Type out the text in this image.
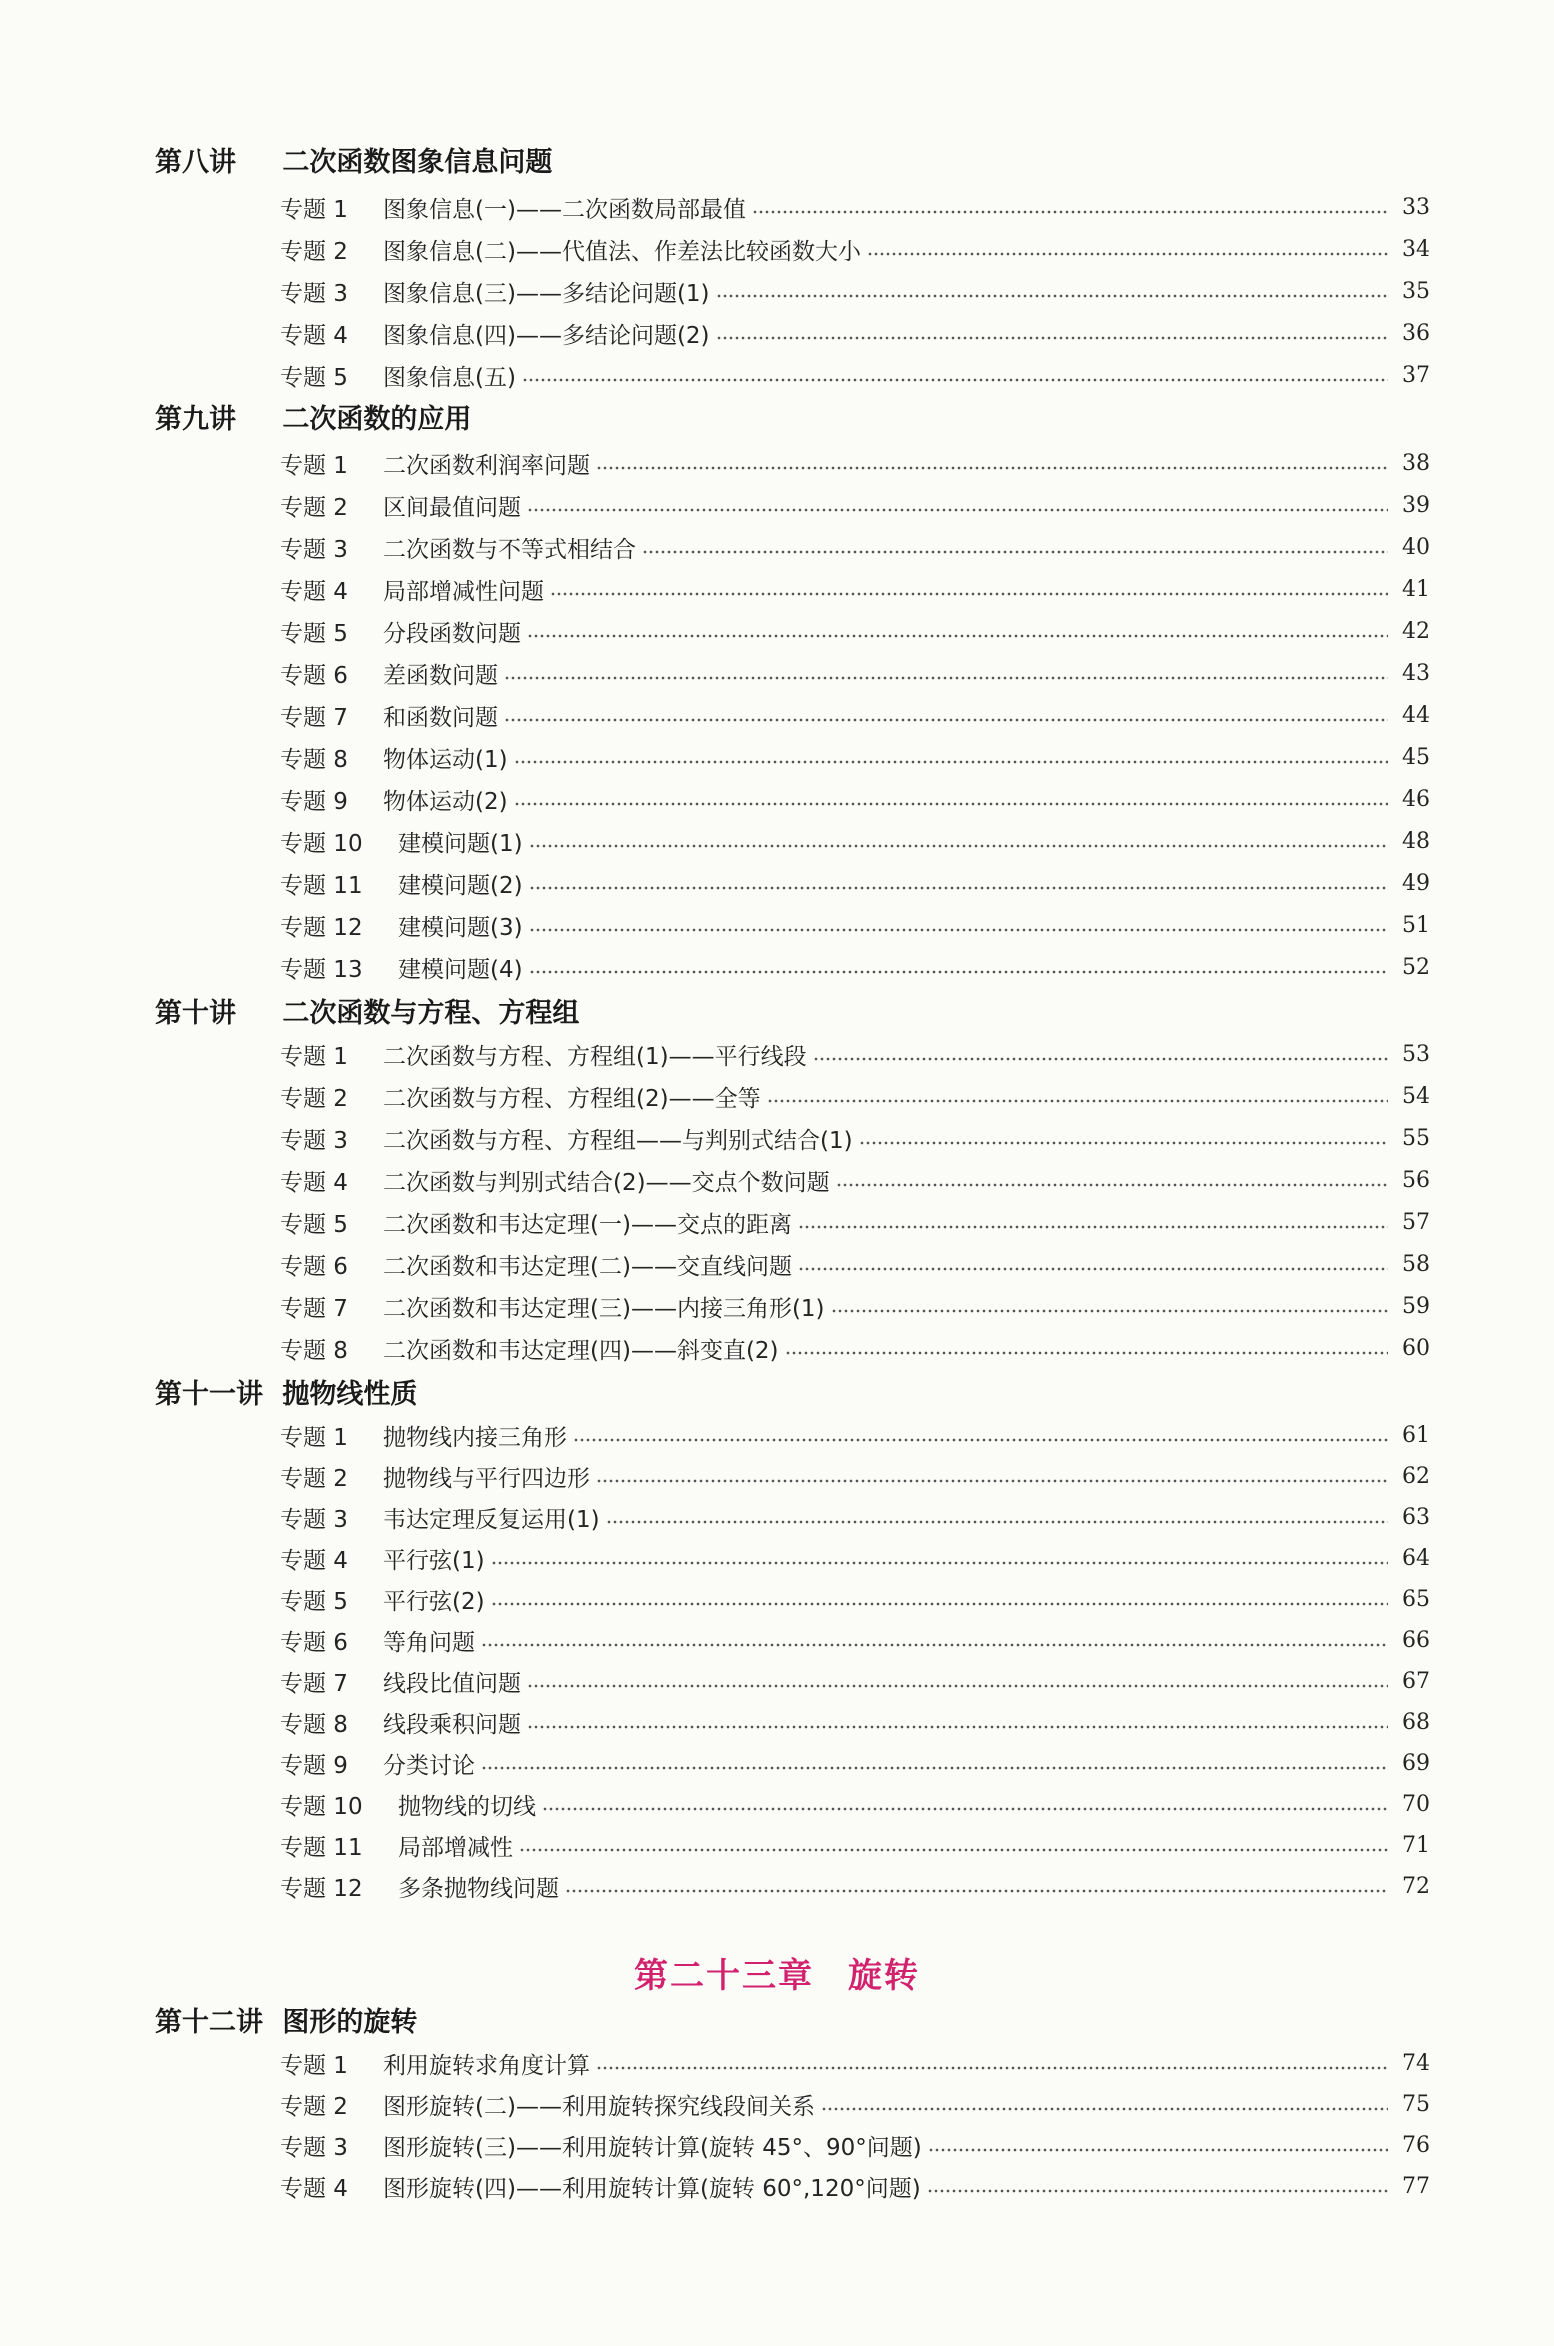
第八讲 二次函数图象信息问题
专题 1	图象信息(一)——二次函数局部最值	33
专题 2	图象信息(二)——代值法、作差法比较函数大小	34
专题 3	图象信息(三)——多结论问题(1)	35
专题 4	图象信息(四)——多结论问题(2)	36
专题 5	图象信息(五)	37
第九讲 二次函数的应用
专题 1	二次函数利润率问题	38
专题 2	区间最值问题	39
专题 3	二次函数与不等式相结合	40
专题 4	局部增减性问题	41
专题 5	分段函数问题	42
专题 6	差函数问题	43
专题 7	和函数问题	44
专题 8	物体运动(1)	45
专题 9	物体运动(2)	46
专题 10	建模问题(1)	48
专题 11	建模问题(2)	49
专题 12	建模问题(3)	51
专题 13	建模问题(4)	52
第十讲 二次函数与方程、方程组
专题 1	二次函数与方程、方程组(1)——平行线段	53
专题 2	二次函数与方程、方程组(2)——全等	54
专题 3	二次函数与方程、方程组——与判别式结合(1)	55
专题 4	二次函数与判别式结合(2)——交点个数问题	56
专题 5	二次函数和韦达定理(一)——交点的距离	57
专题 6	二次函数和韦达定理(二)——交直线问题	58
专题 7	二次函数和韦达定理(三)——内接三角形(1)	59
专题 8	二次函数和韦达定理(四)——斜变直(2)	60
第十一讲 抛物线性质
专题 1	抛物线内接三角形	61
专题 2	抛物线与平行四边形	62
专题 3	韦达定理反复运用(1)	63
专题 4	平行弦(1)	64
专题 5	平行弦(2)	65
专题 6	等角问题	66
专题 7	线段比值问题	67
专题 8	线段乘积问题	68
专题 9	分类讨论	69
专题 10	抛物线的切线	70
专题 11	局部增减性	71
专题 12	多条抛物线问题	72
第二十三章 旋转
第十二讲 图形的旋转
专题 1	利用旋转求角度计算	74
专题 2	图形旋转(二)——利用旋转探究线段间关系	75
专题 3	图形旋转(三)——利用旋转计算(旋转 45°、90°问题)	76
专题 4	图形旋转(四)——利用旋转计算(旋转 60°,120°问题)	77
